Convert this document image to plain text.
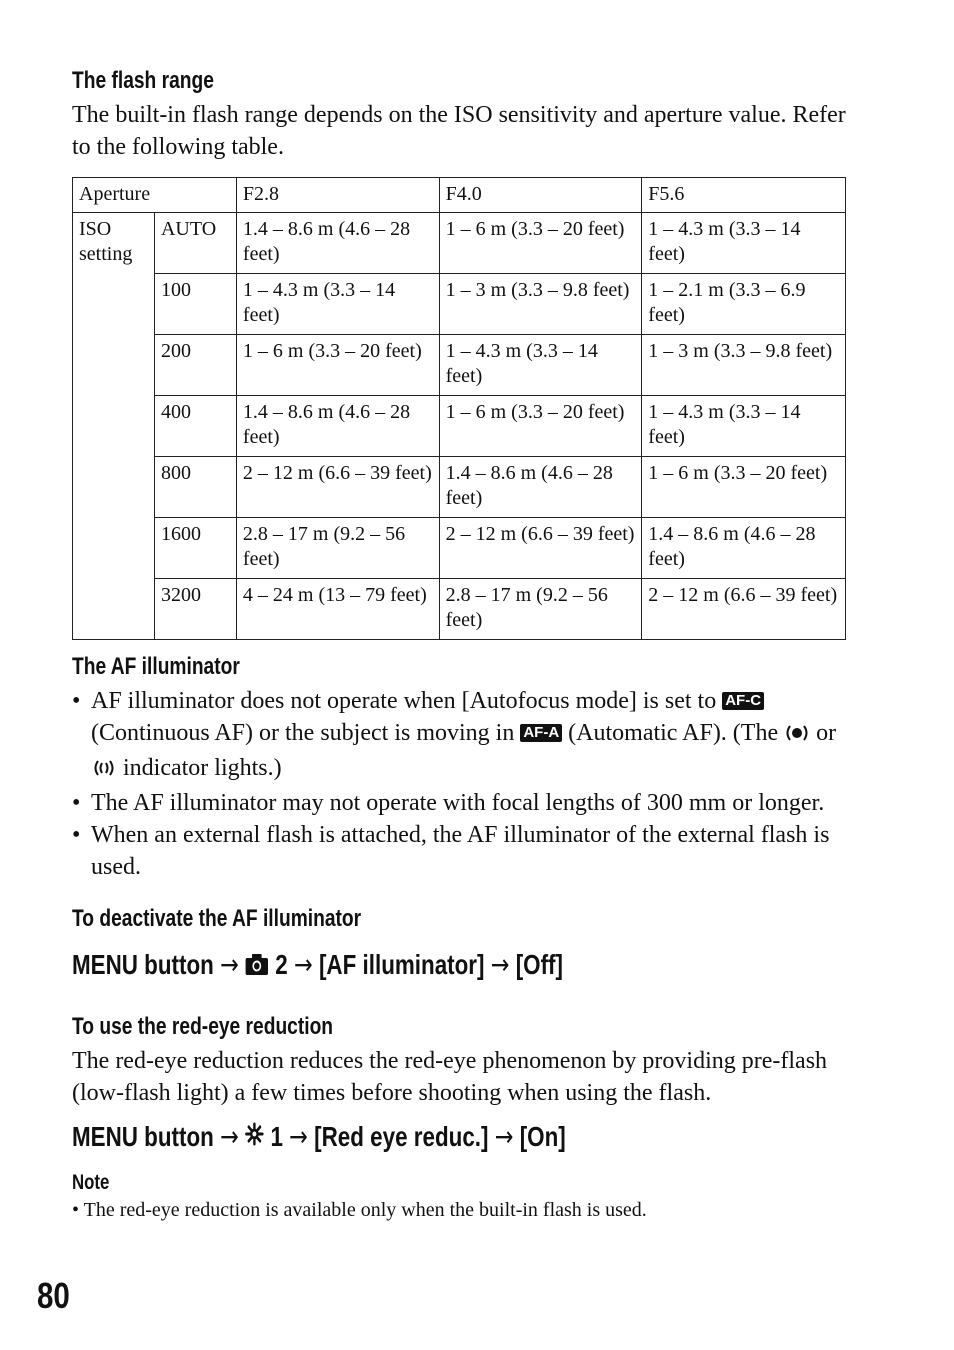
The flash range
The built-in flash range depends on the ISO sensitivity and aperture value. Refer to the following table.
Aperture		F2.8	F4.0	F5.6
ISO setting	AUTO	1.4 – 8.6 m (4.6 – 28 feet)	1 – 6 m (3.3 – 20 feet)	1 – 4.3 m (3.3 – 14 feet)
	100	1 – 4.3 m (3.3 – 14 feet)	1 – 3 m (3.3 – 9.8 feet)	1 – 2.1 m (3.3 – 6.9 feet)
	200	1 – 6 m (3.3 – 20 feet)	1 – 4.3 m (3.3 – 14 feet)	1 – 3 m (3.3 – 9.8 feet)
	400	1.4 – 8.6 m (4.6 – 28 feet)	1 – 6 m (3.3 – 20 feet)	1 – 4.3 m (3.3 – 14 feet)
	800	2 – 12 m (6.6 – 39 feet)	1.4 – 8.6 m (4.6 – 28 feet)	1 – 6 m (3.3 – 20 feet)
	1600	2.8 – 17 m (9.2 – 56 feet)	2 – 12 m (6.6 – 39 feet)	1.4 – 8.6 m (4.6 – 28 feet)
	3200	4 – 24 m (13 – 79 feet)	2.8 – 17 m (9.2 – 56 feet)	2 – 12 m (6.6 – 39 feet)
The AF illuminator
• AF illuminator does not operate when [Autofocus mode] is set to AF-C (Continuous AF) or the subject is moving in AF-A (Automatic AF). (The or  indicator lights.)
• The AF illuminator may not operate with focal lengths of 300 mm or longer.
• When an external flash is attached, the AF illuminator of the external flash is used.
To deactivate the AF illuminator
MENU button → 2 → [AF illuminator] → [Off]
To use the red-eye reduction
The red-eye reduction reduces the red-eye phenomenon by providing pre-flash (low-flash light) a few times before shooting when using the flash.
MENU button → 1 → [Red eye reduc.] → [On]
Note
• The red-eye reduction is available only when the built-in flash is used.
80
